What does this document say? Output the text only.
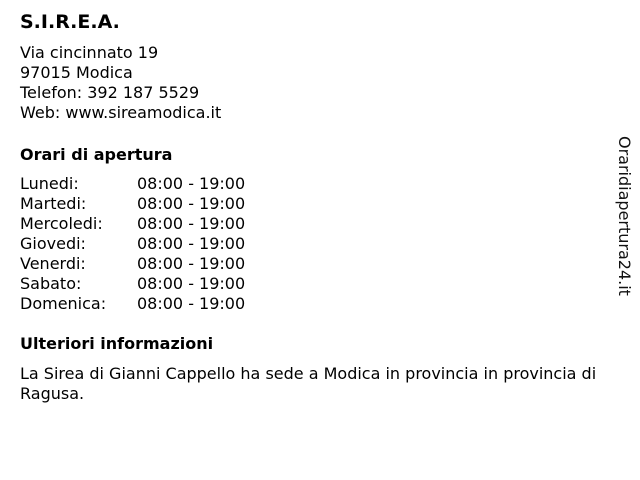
S.I.R.E.A.
Via cincinnato 19
97015 Modica
Telefon: 392 187 5529
Web: www.sireamodica.it
Orari di apertura
Lunedi:	08:00 - 19:00
Martedi:	08:00 - 19:00
Mercoledi: 08:00 - 19:00
Giovedi:	08:00 - 19:00
Venerdi:	08:00 - 19:00
Sabato:	08:00 - 19:00
Domenica: 08:00 - 19:00
Ulteriori informazioni

La Sirea di Gianni Cappello ha sede a Modica in provincia in provincia di Ragusa.

Oraridiapertura24.it
